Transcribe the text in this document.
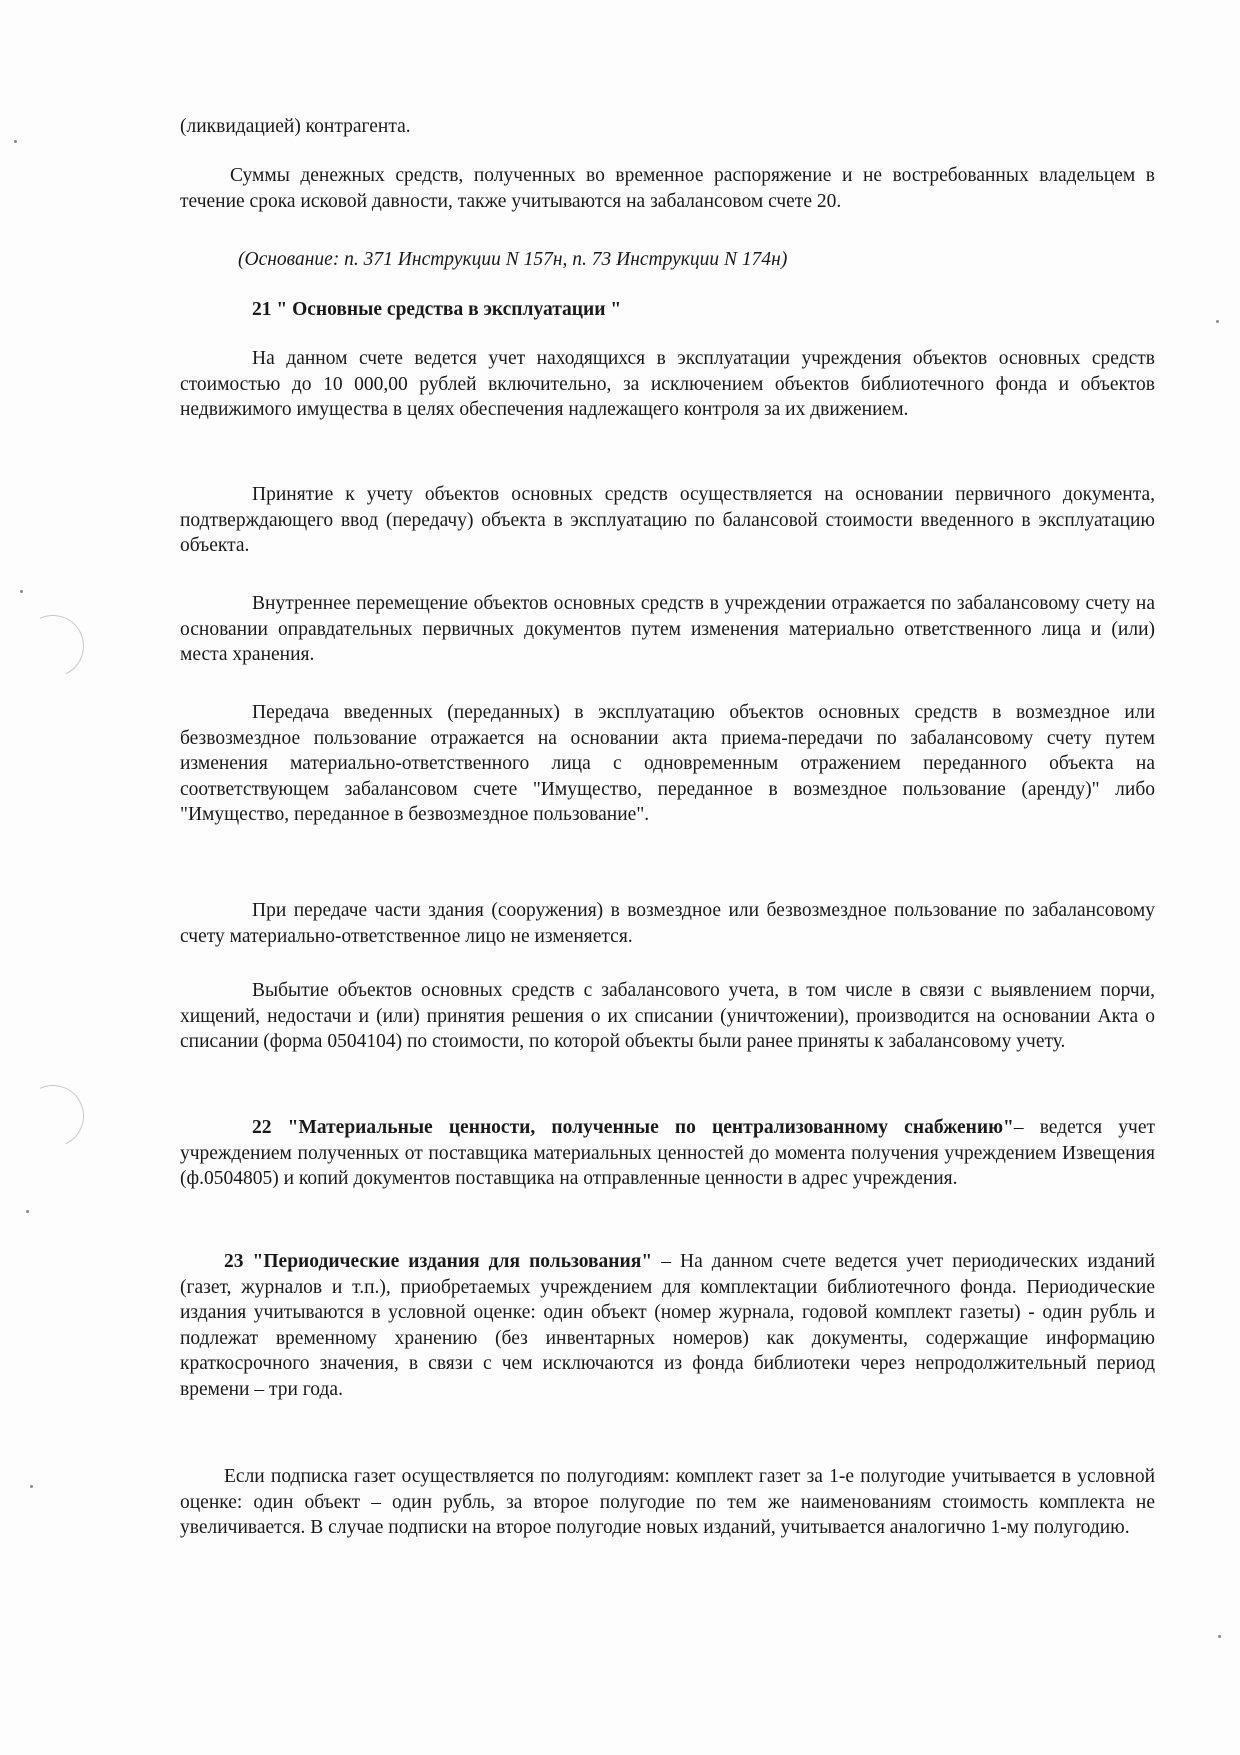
(ликвидацией) контрагента.

Суммы денежных средств, полученных во временное распоряжение и не востребованных владельцем в течение срока исковой давности, также учитываются на забалансовом счете 20.

(Основание: п. 371 Инструкции N 157н, п. 73 Инструкции N 174н)

21 " Основные средства в эксплуатации "

На данном счете ведется учет находящихся в эксплуатации учреждения объектов основных средств стоимостью до 10 000,00 рублей включительно, за исключением объектов библиотечного фонда и объектов недвижимого имущества в целях обеспечения надлежащего контроля за их движением.

Принятие к учету объектов основных средств осуществляется на основании первичного документа, подтверждающего ввод (передачу) объекта в эксплуатацию по балансовой стоимости введенного в эксплуатацию объекта.

Внутреннее перемещение объектов основных средств в учреждении отражается по забалансовому счету на основании оправдательных первичных документов путем изменения материально ответственного лица и (или) места хранения.

Передача введенных (переданных) в эксплуатацию объектов основных средств в возмездное или безвозмездное пользование отражается на основании акта приема-передачи по забалансовому счету путем изменения материально-ответственного лица с одновременным отражением переданного объекта на соответствующем забалансовом счете "Имущество, переданное в возмездное пользование (аренду)" либо "Имущество, переданное в безвозмездное пользование".

При передаче части здания (сооружения) в возмездное или безвозмездное пользование по забалансовому счету материально-ответственное лицо не изменяется.

Выбытие объектов основных средств с забалансового учета, в том числе в связи с выявлением порчи, хищений, недостачи и (или) принятия решения о их списании (уничтожении), производится на основании Акта о списании (форма 0504104) по стоимости, по которой объекты были ранее приняты к забалансовому учету.

22 "Материальные ценности, полученные по централизованному снабжению"– ведется учет учреждением полученных от поставщика материальных ценностей до момента получения учреждением Извещения (ф.0504805) и копий документов поставщика на отправленные ценности в адрес учреждения.

23 "Периодические издания для пользования" – На данном счете ведется учет периодических изданий (газет, журналов и т.п.), приобретаемых учреждением для комплектации библиотечного фонда. Периодические издания учитываются в условной оценке: один объект (номер журнала, годовой комплект газеты) - один рубль и подлежат временному хранению (без инвентарных номеров) как документы, содержащие информацию краткосрочного значения, в связи с чем исключаются из фонда библиотеки через непродолжительный период времени – три года.

Если подписка газет осуществляется по полугодиям: комплект газет за 1-е полугодие учитывается в условной оценке: один объект – один рубль, за второе полугодие по тем же наименованиям стоимость комплекта не увеличивается. В случае подписки на второе полугодие новых изданий, учитывается аналогично 1-му полугодию.
